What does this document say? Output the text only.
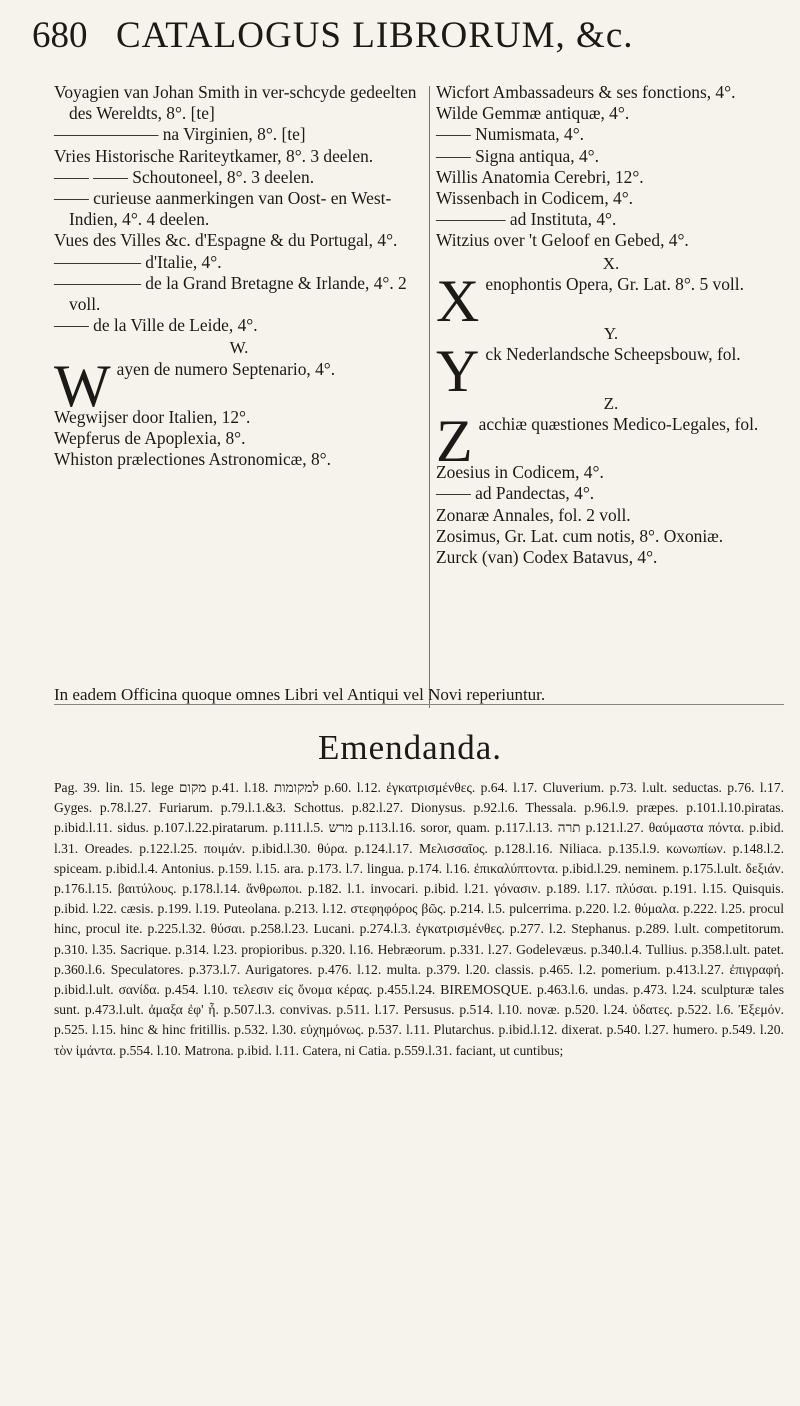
680 CATALOGUS LIBRORUM, &c.

Voyagien van Johan Smith in ver-schcyde gedeelten des Wereldts, 8°. [te]

—————— na Virginien, 8°. [te]

Vries Historische Rariteytkamer, 8°. 3 deelen.

—— —— Schoutoneel, 8°. 3 deelen.

—— curieuse aanmerkingen van Oost- en West-Indien, 4°. 4 deelen.

Vues des Villes &c. d'Espagne & du Portugal, 4°.

————— d'Italie, 4°.

————— de la Grand Bretagne & Irlande, 4°. 2 voll.

—— de la Ville de Leide, 4°.

W.

W ayen de numero Septenario, 4°.

Wegwijser door Italien, 12°.

Wepferus de Apoplexia, 8°.

Whiston prælectiones Astronomicæ, 8°.

Wicfort Ambassadeurs & ses fonctions, 4°.

Wilde Gemmæ antiquæ, 4°.

—— Numismata, 4°.

—— Signa antiqua, 4°.

Willis Anatomia Cerebri, 12°.

Wissenbach in Codicem, 4°.

———— ad Instituta, 4°.

Witzius over 't Geloof en Gebed, 4°.

X.

X enophontis Opera, Gr. Lat. 8°. 5 voll.

Y.

Y ck Nederlandsche Scheepsbouw, fol.

Z.

Z acchiæ quæstiones Medico-Legales, fol.

Zoesius in Codicem, 4°.

—— ad Pandectas, 4°.

Zonaræ Annales, fol. 2 voll.

Zosimus, Gr. Lat. cum notis, 8°. Oxoniæ.

Zurck (van) Codex Batavus, 4°.

In eadem Officina quoque omnes Libri vel Antiqui vel Novi reperiuntur.

Emendanda.

Pag. 39. lin. 15. lege מקום p.41. l.18. למקומות p.60. l.12. ἐγκατρισμένθες. p.64. l.17. Cluverium. p.73. l.ult. seductas. p.76. l.17. Gyges. p.78.l.27. Furiarum. p.79.l.1.&3. Schottus. p.82.l.27. Dionysus. p.92.l.6. Thessala. p.96.l.9. præpes. p.101.l.10.piratas. p.ibid.l.11. sidus. p.107.l.22.piratarum. p.111.l.5. מרש p.113.l.16. soror, quam. p.117.l.13. תרה p.121.l.27. θαύμαστα πόντα. p.ibid. l.31. Oreades. p.122.l.25. ποιμάν. p.ibid.l.30. θύρα. p.124.l.17. Μελισσαῖος. p.128.l.16. Niliaca. p.135.l.9. κωνωπίων. p.148.l.2. spiceam. p.ibid.l.4. Antonius. p.159. l.15. ara. p.173. l.7. lingua. p.174. l.16. ἐπικαλύπτοντα. p.ibid.l.29. neminem. p.175.l.ult. δεξιάν. p.176.l.15. βαιτύλους. p.178.l.14. ἄνθρωποι. p.182. l.1. invocari. p.ibid. l.21. γόνασιν. p.189. l.17. πλύσαι. p.191. l.15. Quisquis. p.ibid. l.22. cæsis. p.199. l.19. Puteolana. p.213. l.12. στεφηφόρος βῶς. p.214. l.5. pulcerrima. p.220. l.2. θύμαλα. p.222. l.25. procul hinc, procul ite. p.225.l.32. θύσαι. p.258.l.23. Lucani. p.274.l.3. ἐγκατρισμένθες. p.277. l.2. Stephanus. p.289. l.ult. competitorum. p.310. l.35. Sacrique. p.314. l.23. propioribus. p.320. l.16. Hebræorum. p.331. l.27. Godelevæus. p.340.l.4. Tullius. p.358.l.ult. patet. p.360.l.6. Speculatores. p.373.l.7. Aurigatores. p.476. l.12. multa. p.379. l.20. classis. p.465. l.2. pomerium. p.413.l.27. ἐπιγραφή. p.ibid.l.ult. σανίδα. p.454. l.10. τελεσιν εἰς ὄνομα κέρας. p.455.l.24. BIREMOSQUE. p.463.l.6. undas. p.473. l.24. sculpturæ tales sunt. p.473.l.ult. ἀμαξα ἐφ' ἧ. p.507.l.3. convivas. p.511. l.17. Persusus. p.514. l.10. novæ. p.520. l.24. ὑδατες. p.522. l.6. Ἐξεμόν. p.525. l.15. hinc & hinc fritillis. p.532. l.30. εὐχημόνως. p.537. l.11. Plutarchus. p.ibid.l.12. dixerat. p.540. l.27. humero. p.549. l.20. τὸν ἱμάντα. p.554. l.10. Matrona. p.ibid. l.11. Catera, ni Catia. p.559.l.31. faciant, ut cuntibus;
